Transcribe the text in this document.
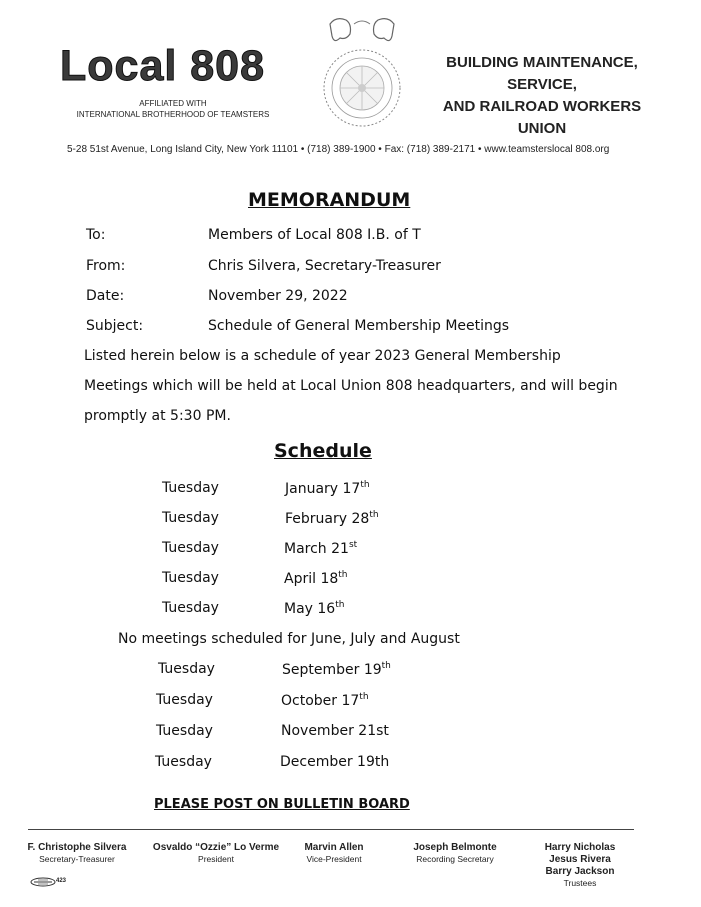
Local 808
AFFILIATED WITH
INTERNATIONAL BROTHERHOOD OF TEAMSTERS
BUILDING MAINTENANCE, SERVICE,
AND RAILROAD WORKERS UNION
5-28 51st Avenue, Long Island City, New York 11101 • (718) 389-1900 • Fax: (718) 389-2171 • www.teamsterslocal 808.org
MEMORANDUM
To:	Members of Local 808 I.B. of T
From:	Chris Silvera, Secretary-Treasurer
Date:	November 29, 2022
Subject:	Schedule of General Membership Meetings
Listed herein below is a schedule of year 2023 General Membership
Meetings which will be held at Local Union 808 headquarters, and will begin
promptly at 5:30 PM.
Schedule
Tuesday	January 17th
Tuesday	February 28th
Tuesday	March 21st
Tuesday	April 18th
Tuesday	May 16th
No meetings scheduled for June, July and August
Tuesday	September 19th
Tuesday	October 17th
Tuesday	November 21st
Tuesday	December 19th
PLEASE POST ON BULLETIN BOARD
F. Christophe Silvera
Secretary-Treasurer
Osvaldo “Ozzie” Lo Verme
President
Marvin Allen
Vice-President
Joseph Belmonte
Recording Secretary
Harry Nicholas
Jesus Rivera
Barry Jackson
Trustees
423
